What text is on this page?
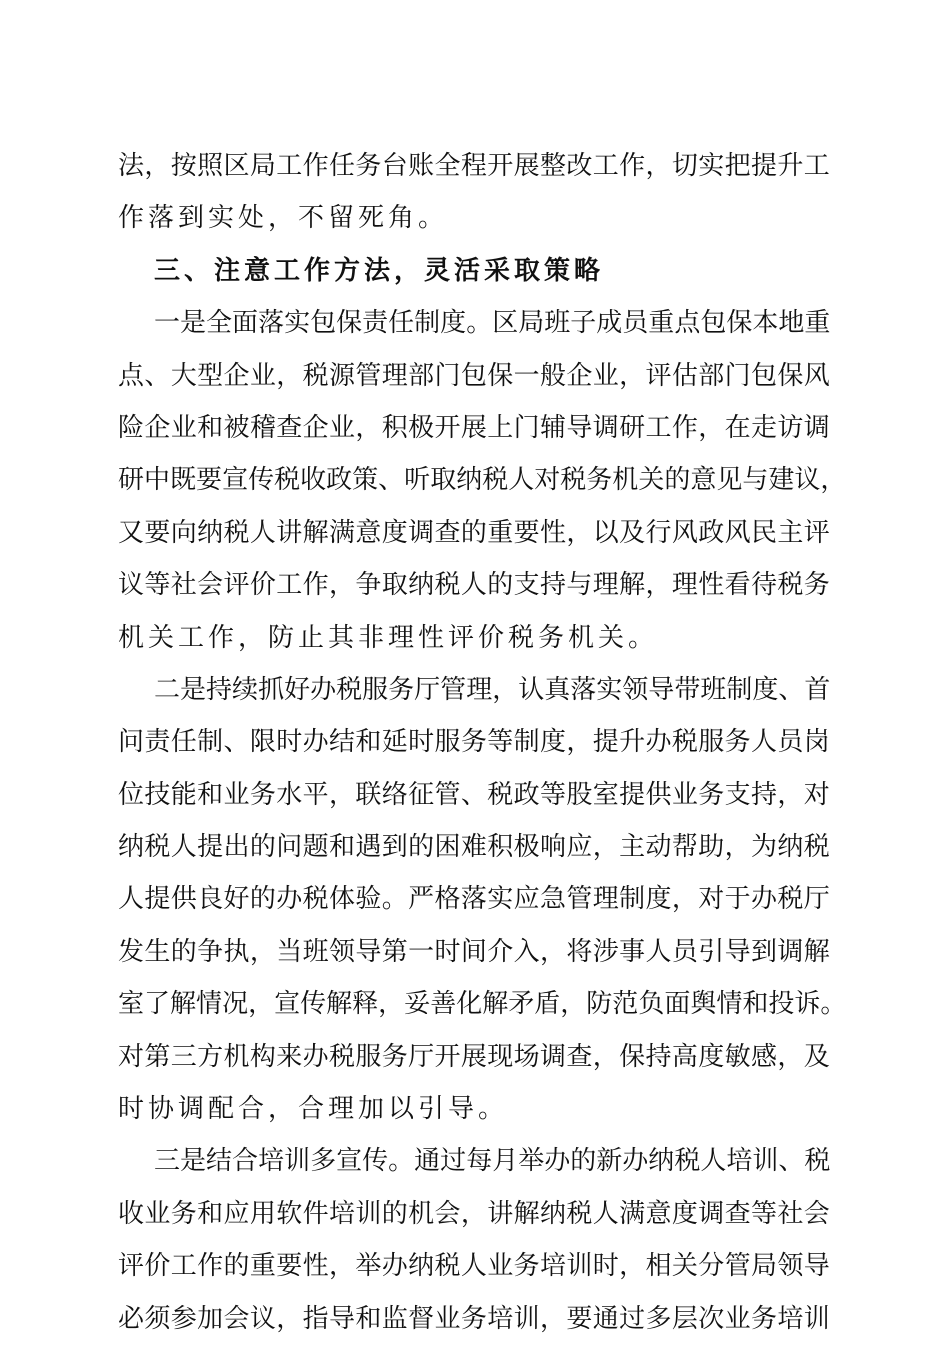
法 ， 按 照 区 局 工 作 任 务 台 账 全 程 开 展 整 改 工 作 ， 切 实 把 提 升 工
作落到实处，不留死角。
三、注意工作方法，灵活采取策略
一 是 全 面 落 实 包 保 责 任 制 度 。 区 局 班 子 成 员 重 点 包 保 本 地 重
点 、 大 型 企 业 ， 税 源 管 理 部 门 包 保 一 般 企 业 ， 评 估 部 门 包 保 风
险 企 业 和 被 稽 查 企 业 ， 积 极 开 展 上 门 辅 导 调 研 工 作 ， 在 走 访 调
研 中 既 要 宣 传 税 收 政 策 、 听 取 纳 税 人 对 税 务 机 关 的 意 见 与 建 议 ，
又 要 向 纳 税 人 讲 解 满 意 度 调 查 的 重 要 性 ， 以 及 行 风 政 风 民 主 评
议 等 社 会 评 价 工 作 ， 争 取 纳 税 人 的 支 持 与 理 解 ， 理 性 看 待 税 务
机关工作，防止其非理性评价税务机关。
二 是 持 续 抓 好 办 税 服 务 厅 管 理 ， 认 真 落 实 领 导 带 班 制 度 、 首
问 责 任 制 、 限 时 办 结 和 延 时 服 务 等 制 度 ， 提 升 办 税 服 务 人 员 岗
位 技 能 和 业 务 水 平 ， 联 络 征 管 、 税 政 等 股 室 提 供 业 务 支 持 ， 对
纳 税 人 提 出 的 问 题 和 遇 到 的 困 难 积 极 响 应 ， 主 动 帮 助 ， 为 纳 税
人 提 供 良 好 的 办 税 体 验 。 严 格 落 实 应 急 管 理 制 度 ， 对 于 办 税 厅
发 生 的 争 执 ， 当 班 领 导 第 一 时 间 介 入 ， 将 涉 事 人 员 引 导 到 调 解
室 了 解 情 况 ， 宣 传 解 释 ， 妥 善 化 解 矛 盾 ， 防 范 负 面 舆 情 和 投 诉 。
对 第 三 方 机 构 来 办 税 服 务 厅 开 展 现 场 调 查 ， 保 持 高 度 敏 感 ， 及
时协调配合，合理加以引导。
三 是 结 合 培 训 多 宣 传 。 通 过 每 月 举 办 的 新 办 纳 税 人 培 训 、 税
收 业 务 和 应 用 软 件 培 训 的 机 会 ， 讲 解 纳 税 人 满 意 度 调 查 等 社 会
评 价 工 作 的 重 要 性 ， 举 办 纳 税 人 业 务 培 训 时 ， 相 关 分 管 局 领 导
必 须 参 加 会 议 ， 指 导 和 监 督 业 务 培 训 ， 要 通 过 多 层 次 业 务 培 训
